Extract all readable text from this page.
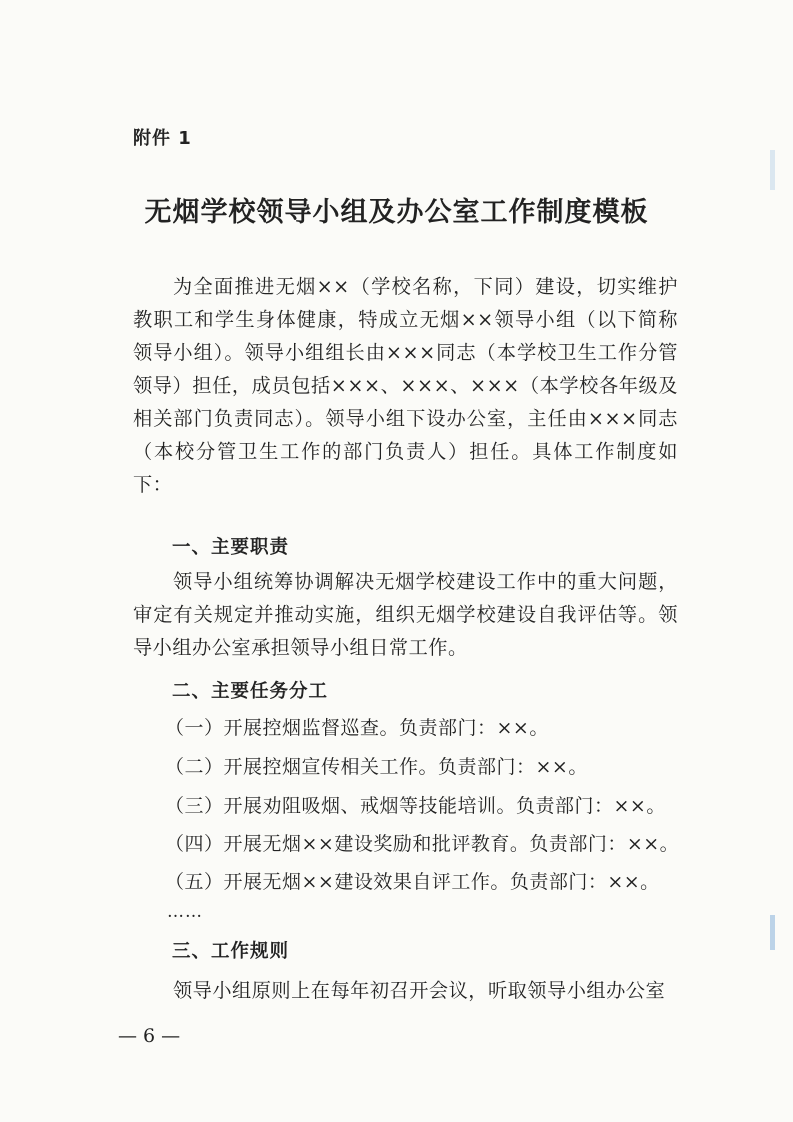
附件 1
无烟学校领导小组及办公室工作制度模板

为全面推进无烟××（学校名称，下同）建设，切实维护教职工和学生身体健康，特成立无烟××领导小组（以下简称领导小组）。领导小组组长由×××同志（本学校卫生工作分管领导）担任，成员包括×××、×××、×××（本学校各年级及相关部门负责同志）。领导小组下设办公室，主任由×××同志（本校分管卫生工作的部门负责人）担任。具体工作制度如下：

一、主要职责

领导小组统筹协调解决无烟学校建设工作中的重大问题，审定有关规定并推动实施，组织无烟学校建设自我评估等。领导小组办公室承担领导小组日常工作。

二、主要任务分工
（一）开展控烟监督巡查。负责部门：××。
（二）开展控烟宣传相关工作。负责部门：××。
（三）开展劝阻吸烟、戒烟等技能培训。负责部门：××。
（四）开展无烟××建设奖励和批评教育。负责部门：××。
（五）开展无烟××建设效果自评工作。负责部门：××。
……
三、工作规则

领导小组原则上在每年初召开会议，听取领导小组办公室

— 6 —
